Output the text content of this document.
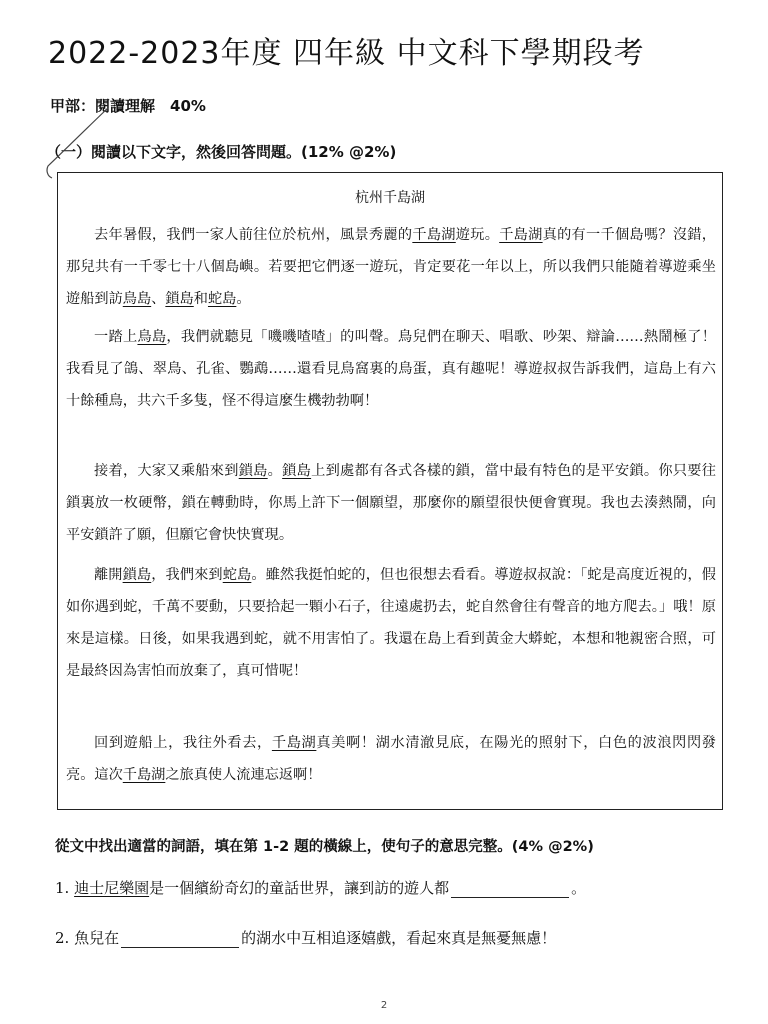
2022-2023年度 四年級 中文科下學期段考
甲部：閱讀理解　40%
（一）閱讀以下文字，然後回答問題。(12% @2%)
杭州千島湖

去年暑假，我們一家人前往位於杭州，風景秀麗的千島湖遊玩。千島湖真的有一千個島嗎？沒錯，那兒共有一千零七十八個島嶼。若要把它們逐一遊玩，肯定要花一年以上，所以我們只能隨着導遊乘坐遊船到訪鳥島、鎖島和蛇島。

一踏上鳥島，我們就聽見「嘰嘰喳喳」的叫聲。鳥兒們在聊天、唱歌、吵架、辯論……熱鬧極了！我看見了鴿、翠鳥、孔雀、鸚鵡……還看見鳥窩裏的鳥蛋，真有趣呢！導遊叔叔告訴我們，這島上有六十餘種鳥，共六千多隻，怪不得這麼生機勃勃啊！

接着，大家又乘船來到鎖島。鎖島上到處都有各式各樣的鎖，當中最有特色的是平安鎖。你只要往鎖裏放一枚硬幣，鎖在轉動時，你馬上許下一個願望，那麼你的願望很快便會實現。我也去湊熱鬧，向平安鎖許了願，但願它會快快實現。

離開鎖島，我們來到蛇島。雖然我挺怕蛇的，但也很想去看看。導遊叔叔說：「蛇是高度近視的，假如你遇到蛇，千萬不要動，只要拾起一顆小石子，往遠處扔去，蛇自然會往有聲音的地方爬去。」哦！原來是這樣。日後，如果我遇到蛇，就不用害怕了。我還在島上看到黃金大蟒蛇，本想和牠親密合照，可是最終因為害怕而放棄了，真可惜呢！

回到遊船上，我往外看去，千島湖真美啊！湖水清澈見底，在陽光的照射下，白色的波浪閃閃發亮。這次千島湖之旅真使人流連忘返啊！

從文中找出適當的詞語，填在第 1-2 題的橫線上，使句子的意思完整。(4% @2%)
1. 迪士尼樂園是一個繽紛奇幻的童話世界，讓到訪的遊人都	。
2. 魚兒在	的湖水中互相追逐嬉戲，看起來真是無憂無慮！
2
